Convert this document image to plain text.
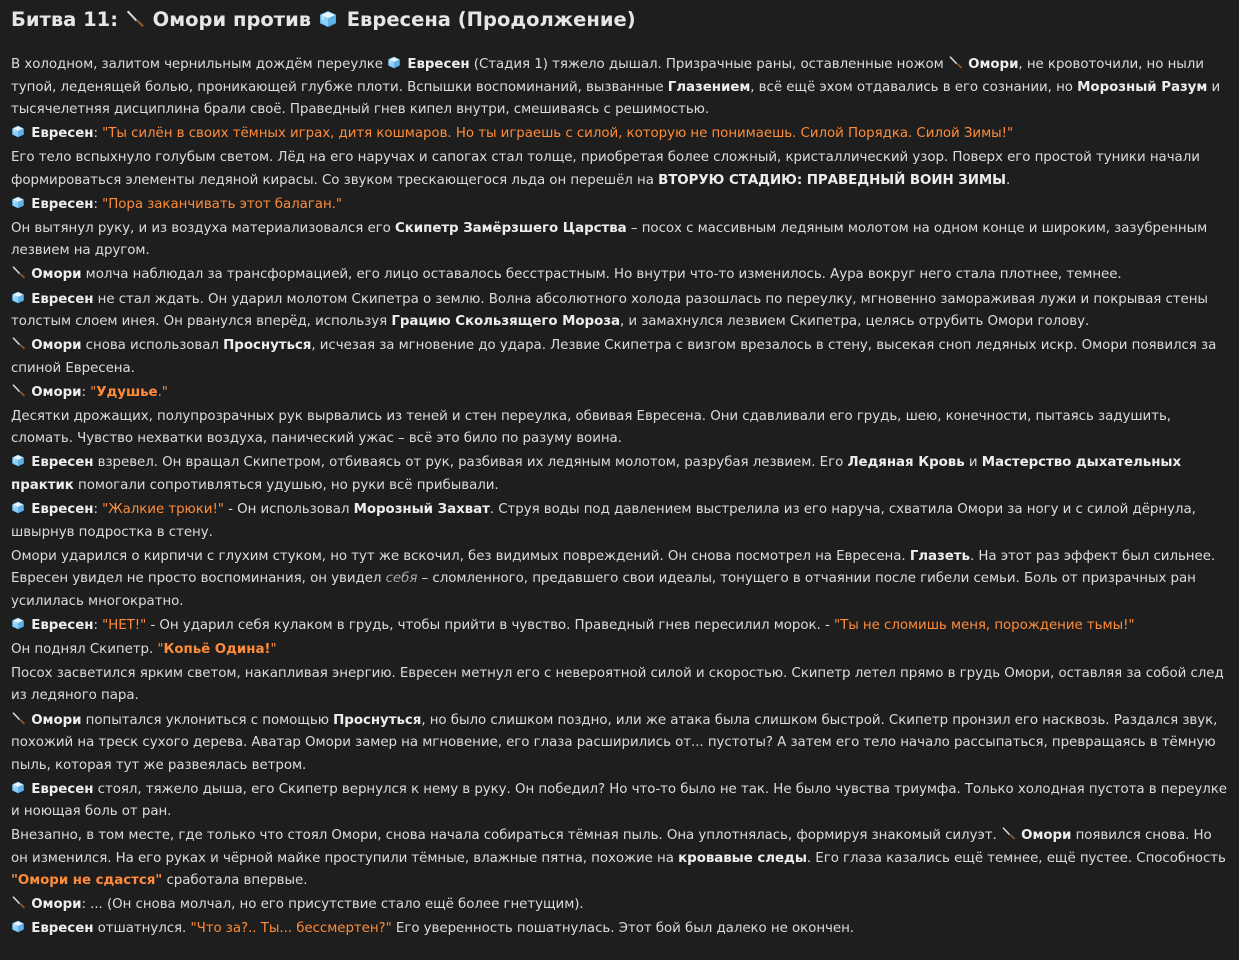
Битва 11:
Омори против
Евресена (Продолжение)
В холодном, залитом чернильным дождём переулке
Евресен (Стадия 1) тяжело дышал. Призрачные раны, оставленные ножом
Омори, не кровоточили, но ныли тупой, леденящей болью, проникающей глубже плоти. Вспышки воспоминаний, вызванные Глазением, всё ещё эхом отдавались в его сознании, но Морозный Разум и тысячелетняя дисциплина брали своё. Праведный гнев кипел внутри, смешиваясь с решимостью.
Евресен: "Ты силён в своих тёмных играх, дитя кошмаров. Но ты играешь с силой, которую не понимаешь. Силой Порядка. Силой Зимы!"
Его тело вспыхнуло голубым светом. Лёд на его наручах и сапогах стал толще, приобретая более сложный, кристаллический узор. Поверх его простой туники начали формироваться элементы ледяной кирасы. Со звуком трескающегося льда он перешёл на ВТОРУЮ СТАДИЮ: ПРАВЕДНЫЙ ВОИН ЗИМЫ.
Евресен: "Пора заканчивать этот балаган."
Он вытянул руку, и из воздуха материализовался его Скипетр Замёрзшего Царства – посох с массивным ледяным молотом на одном конце и широким, зазубренным лезвием на другом.
Омори молча наблюдал за трансформацией, его лицо оставалось бесстрастным. Но внутри что-то изменилось. Аура вокруг него стала плотнее, темнее.
Евресен не стал ждать. Он ударил молотом Скипетра о землю. Волна абсолютного холода разошлась по переулку, мгновенно замораживая лужи и покрывая стены толстым слоем инея. Он рванулся вперёд, используя Грацию Скользящего Мороза, и замахнулся лезвием Скипетра, целясь отрубить Омори голову.
Омори снова использовал Проснуться, исчезая за мгновение до удара. Лезвие Скипетра с визгом врезалось в стену, высекая сноп ледяных искр. Омори появился за спиной Евресена.
Омори: "Удушье."
Десятки дрожащих, полупрозрачных рук вырвались из теней и стен переулка, обвивая Евресена. Они сдавливали его грудь, шею, конечности, пытаясь задушить, сломать. Чувство нехватки воздуха, панический ужас – всё это било по разуму воина.
Евресен взревел. Он вращал Скипетром, отбиваясь от рук, разбивая их ледяным молотом, разрубая лезвием. Его Ледяная Кровь и Мастерство дыхательных практик помогали сопротивляться удушью, но руки всё прибывали.
Евресен: "Жалкие трюки!" - Он использовал Морозный Захват. Струя воды под давлением выстрелила из его наруча, схватила Омори за ногу и с силой дёрнула, швырнув подростка в стену.
Омори ударился о кирпичи с глухим стуком, но тут же вскочил, без видимых повреждений. Он снова посмотрел на Евресена. Глазеть. На этот раз эффект был сильнее. Евресен увидел не просто воспоминания, он увидел себя – сломленного, предавшего свои идеалы, тонущего в отчаянии после гибели семьи. Боль от призрачных ран усилилась многократно.
Евресен: "НЕТ!" - Он ударил себя кулаком в грудь, чтобы прийти в чувство. Праведный гнев пересилил морок. - "Ты не сломишь меня, порождение тьмы!"
Он поднял Скипетр. "Копьё Одина!"
Посох засветился ярким светом, накапливая энергию. Евресен метнул его с невероятной силой и скоростью. Скипетр летел прямо в грудь Омори, оставляя за собой след из ледяного пара.
Омори попытался уклониться с помощью Проснуться, но было слишком поздно, или же атака была слишком быстрой. Скипетр пронзил его насквозь. Раздался звук, похожий на треск сухого дерева. Аватар Омори замер на мгновение, его глаза расширились от... пустоты? А затем его тело начало рассыпаться, превращаясь в тёмную пыль, которая тут же развеялась ветром.
Евресен стоял, тяжело дыша, его Скипетр вернулся к нему в руку. Он победил? Но что-то было не так. Не было чувства триумфа. Только холодная пустота в переулке и ноющая боль от ран.
Внезапно, в том месте, где только что стоял Омори, снова начала собираться тёмная пыль. Она уплотнялась, формируя знакомый силуэт.
Омори появился снова. Но он изменился. На его руках и чёрной майке проступили тёмные, влажные пятна, похожие на кровавые следы. Его глаза казались ещё темнее, ещё пустее. Способность "Омори не сдастся" сработала впервые.
Омори: ... (Он снова молчал, но его присутствие стало ещё более гнетущим).
Евресен отшатнулся. "Что за?.. Ты... бессмертен?" Его уверенность пошатнулась. Этот бой был далеко не окончен.
